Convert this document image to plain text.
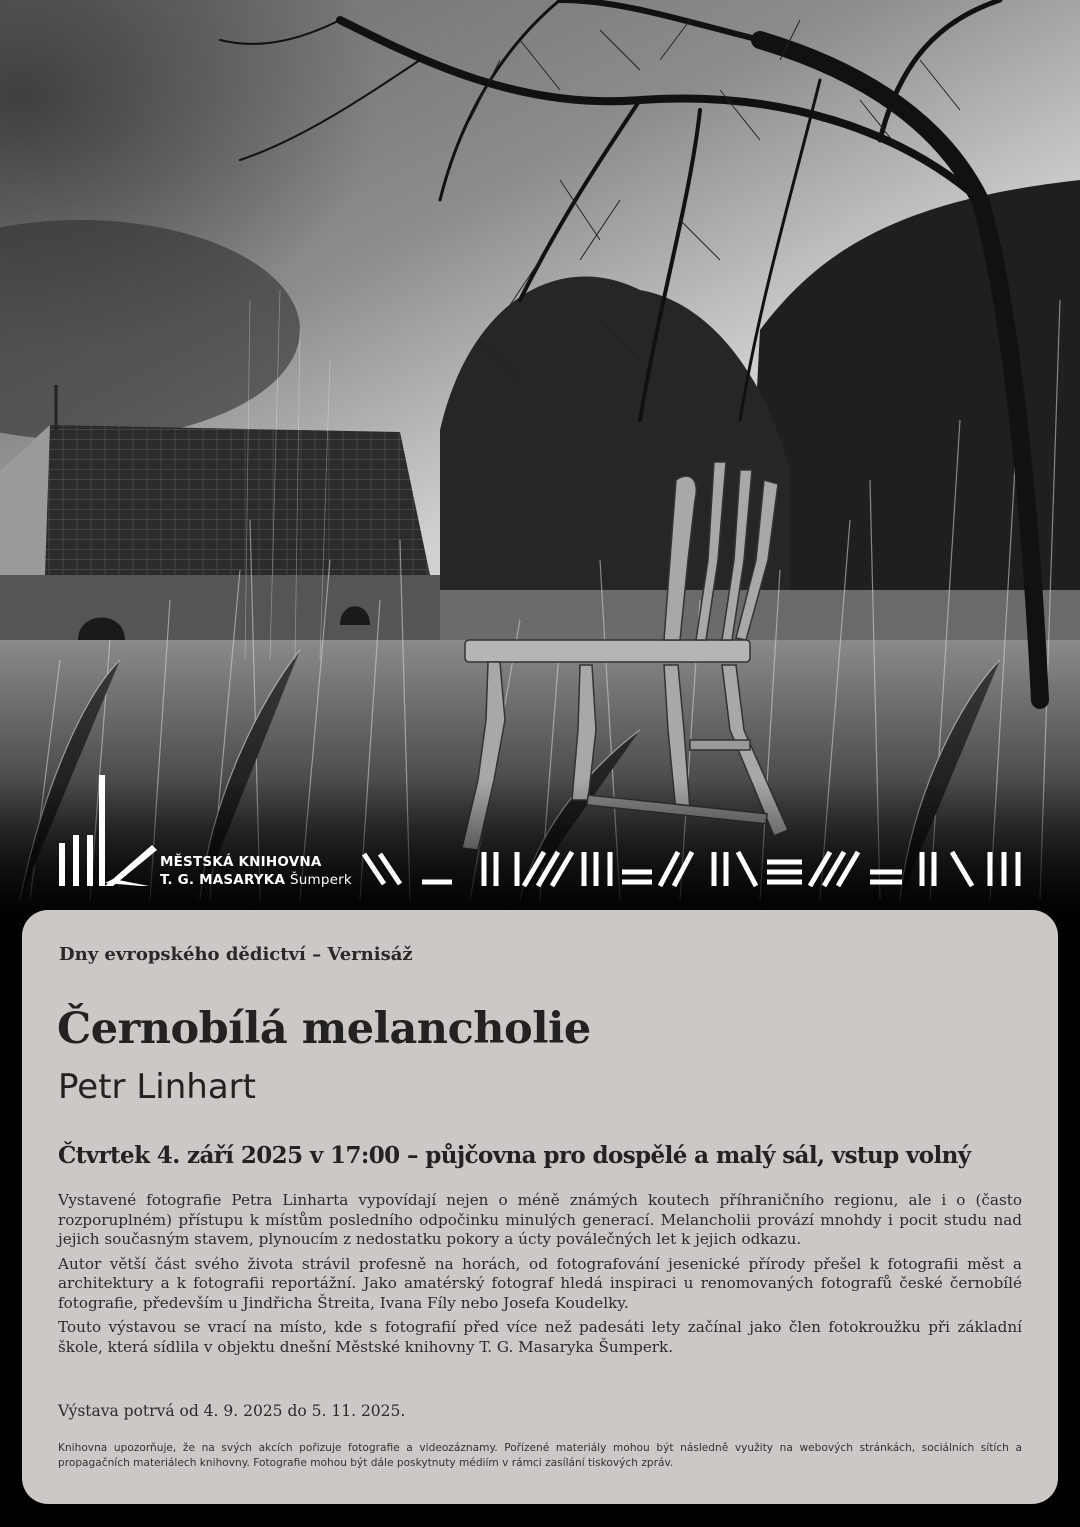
MĚSTSKÁ KNIHOVNA
T. G. MASARYKA Šumperk
Dny evropského dědictví – Vernisáž
Černobílá melancholie
Petr Linhart
Čtvrtek 4. září 2025 v 17:00 – půjčovna pro dospělé a malý sál, vstup volný

Vystavené fotografie Petra Linharta vypovídají nejen o méně známých koutech příhraničního regionu, ale i o (často rozporuplném) přístupu k místům posledního odpočinku minulých generací. Melancholii provází mnohdy i pocit studu nad jejich současným stavem, plynoucím z nedostatku pokory a úcty poválečných let k jejich odkazu.

Autor větší část svého života strávil profesně na horách, od fotografování jesenické přírody přešel k fotografii měst a architektury a k fotografii reportážní. Jako amatérský fotograf hledá inspiraci u renomovaných fotografů české černobílé fotografie, především u Jindřicha Štreita, Ivana Fíly nebo Josefa Koudelky.

Touto výstavou se vrací na místo, kde s fotografií před více než padesáti lety začínal jako člen fotokroužku při základní škole, která sídlila v objektu dnešní Městské knihovny T. G. Masaryka Šumperk.

Výstava potrvá od 4. 9. 2025 do 5. 11. 2025.
Knihovna upozorňuje, že na svých akcích pořizuje fotografie a videozáznamy. Pořízené materiály mohou být následně využity na webových stránkách, sociálních sítích a propagačních materiálech knihovny. Fotografie mohou být dále poskytnuty médiím v rámci zasílání tiskových zpráv.
